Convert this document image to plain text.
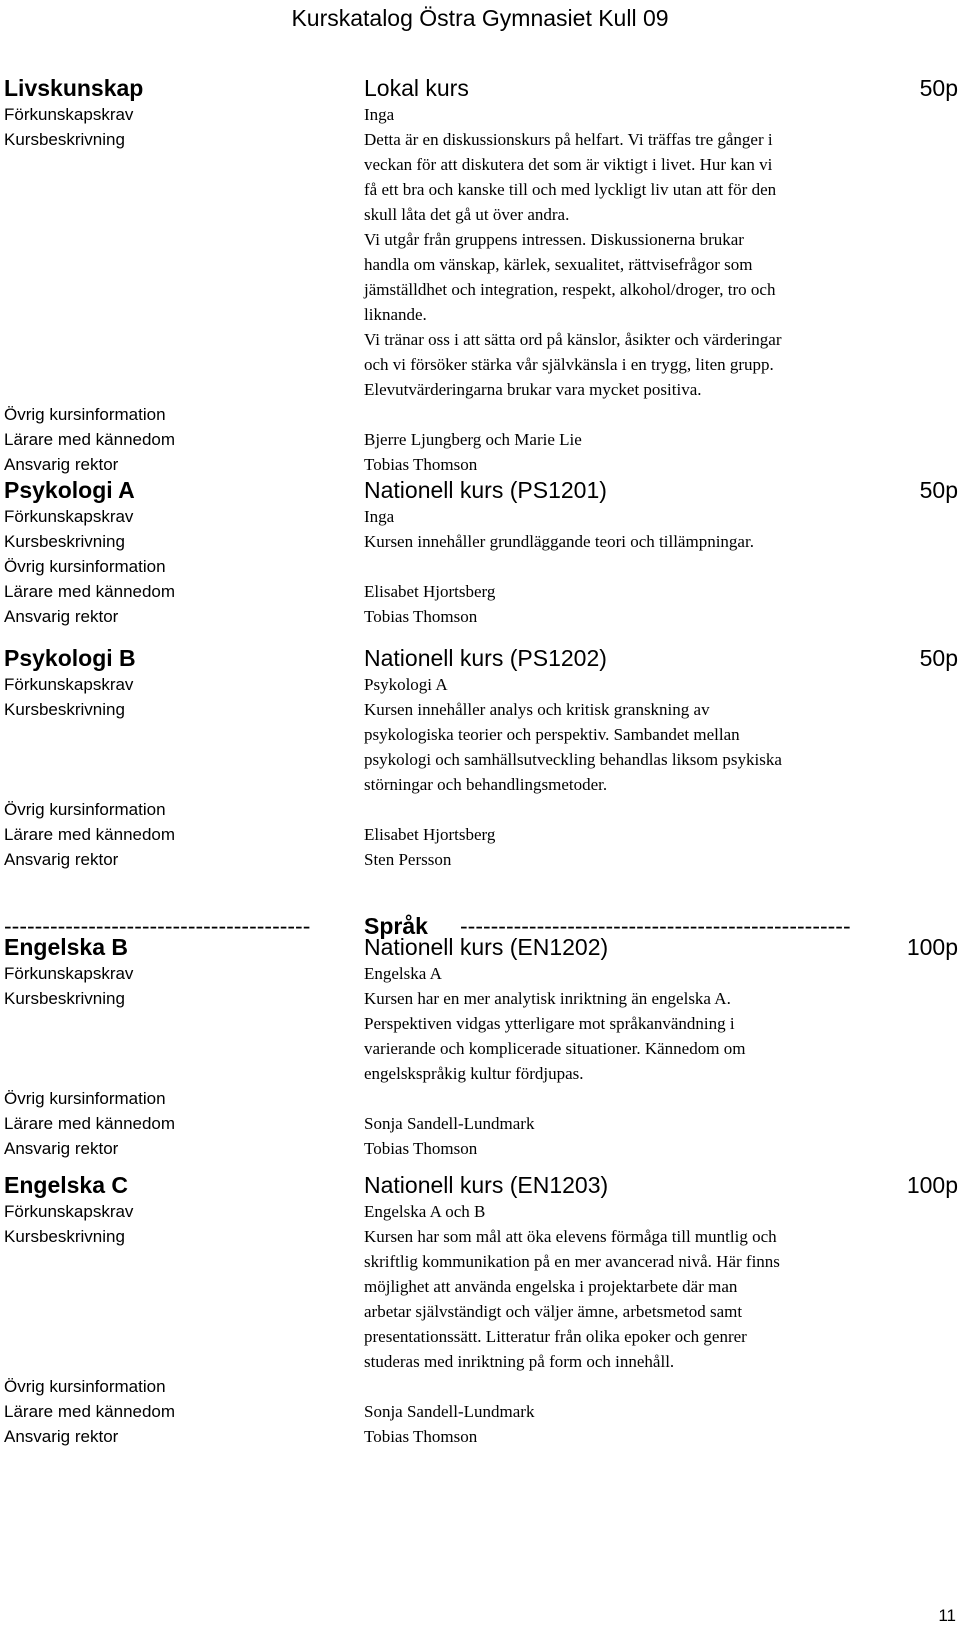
Kurskatalog Östra Gymnasiet Kull 09
Livskunskap	Lokal kurs	50p
Förkunskapskrav	Inga
Kursbeskrivning	Detta är en diskussionskurs på helfart. Vi träffas tre gånger i
veckan för att diskutera det som är viktigt i livet. Hur kan vi
få ett bra och kanske till och med lyckligt liv utan att för den
skull låta det gå ut över andra.
Vi utgår från gruppens intressen. Diskussionerna brukar
handla om vänskap, kärlek, sexualitet, rättvisefrågor som
jämställdhet och integration, respekt, alkohol/droger, tro och
liknande.
Vi tränar oss i att sätta ord på känslor, åsikter och värderingar
och vi försöker stärka vår självkänsla i en trygg, liten grupp.
Elevutvärderingarna brukar vara mycket positiva.
Övrig kursinformation
Lärare med kännedom	Bjerre Ljungberg och Marie Lie
Ansvarig rektor	Tobias Thomson
Psykologi A	Nationell kurs (PS1201)	50p
Förkunskapskrav	Inga
Kursbeskrivning	Kursen innehåller grundläggande teori och tillämpningar.
Övrig kursinformation
Lärare med kännedom	Elisabet Hjortsberg
Ansvarig rektor	Tobias Thomson
Psykologi B	Nationell kurs (PS1202)	50p
Förkunskapskrav	Psykologi A
Kursbeskrivning	Kursen innehåller analys och kritisk granskning av
psykologiska teorier och perspektiv. Sambandet mellan
psykologi och samhällsutveckling behandlas liksom psykiska
störningar och behandlingsmetoder.
Övrig kursinformation
Lärare med kännedom	Elisabet Hjortsberg
Ansvarig rektor	Sten Persson
Engelska B	Nationell kurs (EN1202)	100p
Förkunskapskrav	Engelska A
Kursbeskrivning	Kursen har en mer analytisk inriktning än engelska A.
Perspektiven vidgas ytterligare mot språkanvändning i
varierande och komplicerade situationer. Kännedom om
engelskspråkig kultur fördjupas.
Övrig kursinformation
Lärare med kännedom	Sonja Sandell-Lundmark
Ansvarig rektor	Tobias Thomson
Engelska C	Nationell kurs (EN1203)	100p
Förkunskapskrav	Engelska A och B
Kursbeskrivning	Kursen har som mål att öka elevens förmåga till muntlig och
skriftlig kommunikation på en mer avancerad nivå. Här finns
möjlighet att använda engelska i projektarbete där man
arbetar självständigt och väljer ämne, arbetsmetod samt
presentationssätt. Litteratur från olika epoker och genrer
studeras med inriktning på form och innehåll.
Övrig kursinformation
Lärare med kännedom	Sonja Sandell-Lundmark
Ansvarig rektor	Tobias Thomson
----------------------------------------	Språk ---------------------------------------------------
11
